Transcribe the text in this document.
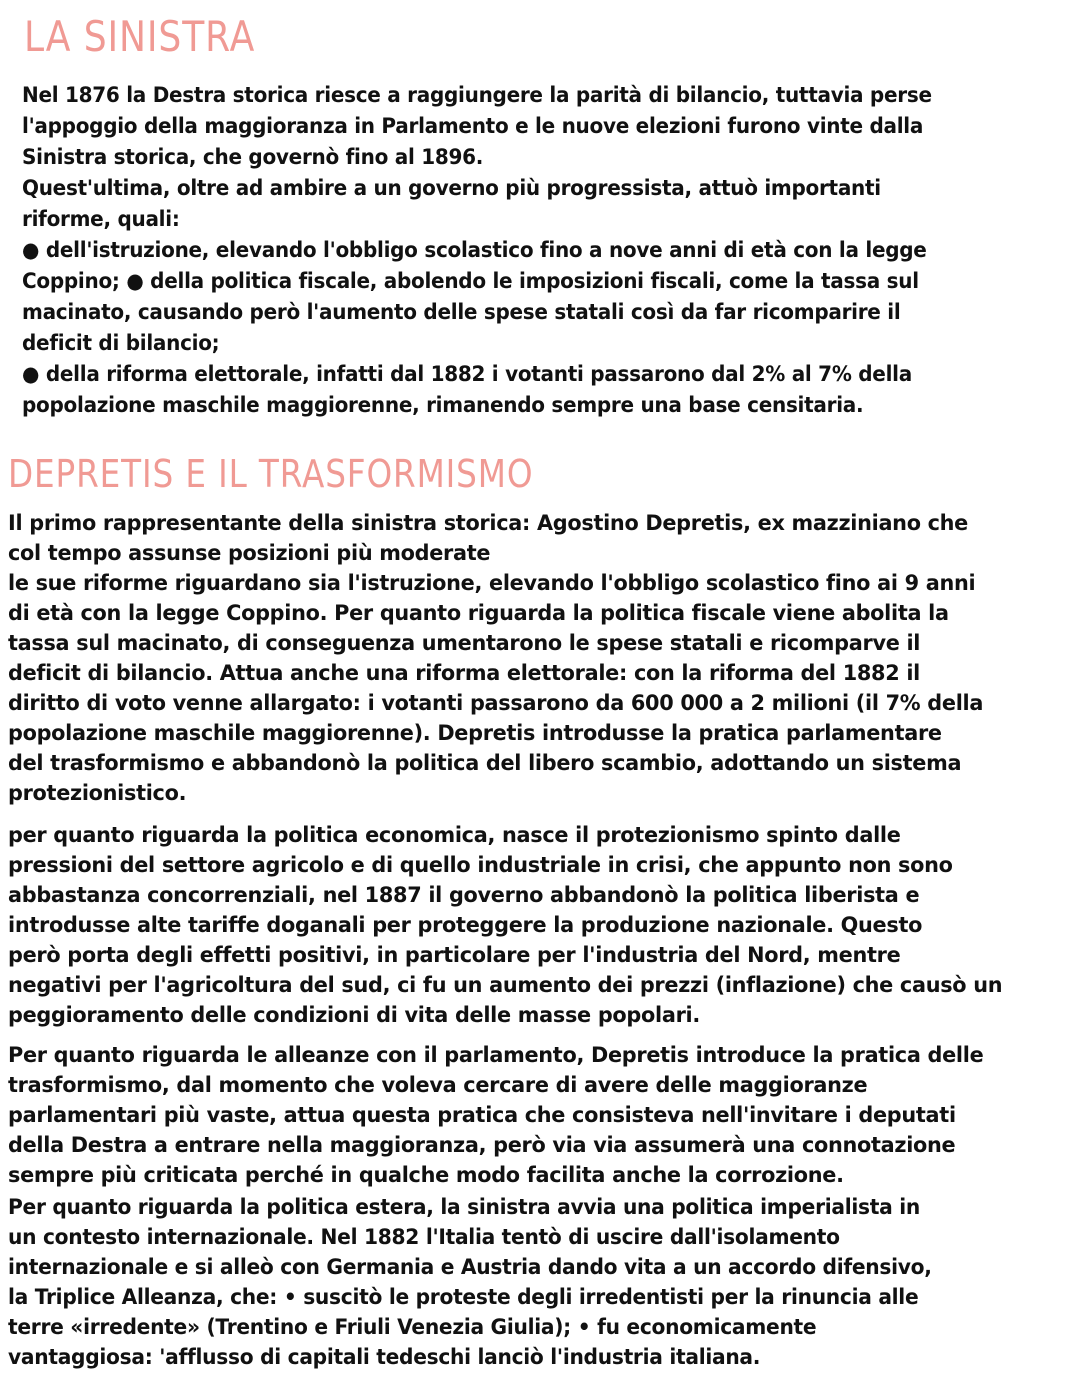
LA SINISTRA
Nel 1876 la Destra storica riesce a raggiungere la parità di bilancio, tuttavia perse
l'appoggio della maggioranza in Parlamento e le nuove elezioni furono vinte dalla
Sinistra storica, che governò fino al 1896.
Quest'ultima, oltre ad ambire a un governo più progressista, attuò importanti
riforme, quali:
● dell'istruzione, elevando l'obbligo scolastico fino a nove anni di età con la legge
Coppino; ● della politica fiscale, abolendo le imposizioni fiscali, come la tassa sul
macinato, causando però l'aumento delle spese statali così da far ricomparire il
deficit di bilancio;
● della riforma elettorale, infatti dal 1882 i votanti passarono dal 2% al 7% della
popolazione maschile maggiorenne, rimanendo sempre una base censitaria.
DEPRETIS E IL TRASFORMISMO
Il primo rappresentante della sinistra storica: Agostino Depretis, ex mazziniano che
col tempo assunse posizioni più moderate
le sue riforme riguardano sia l'istruzione, elevando l'obbligo scolastico fino ai 9 anni
di età con la legge Coppino. Per quanto riguarda la politica fiscale viene abolita la
tassa sul macinato, di conseguenza umentarono le spese statali e ricomparve il
deficit di bilancio. Attua anche una riforma elettorale: con la riforma del 1882 il
diritto di voto venne allargato: i votanti passarono da 600 000 a 2 milioni (il 7% della
popolazione maschile maggiorenne). Depretis introdusse la pratica parlamentare
del trasformismo e abbandonò la politica del libero scambio, adottando un sistema
protezionistico.
per quanto riguarda la politica economica, nasce il protezionismo spinto dalle
pressioni del settore agricolo e di quello industriale in crisi, che appunto non sono
abbastanza concorrenziali, nel 1887 il governo abbandonò la politica liberista e
introdusse alte tariffe doganali per proteggere la produzione nazionale. Questo
però porta degli effetti positivi, in particolare per l'industria del Nord, mentre
negativi per l'agricoltura del sud, ci fu un aumento dei prezzi (inflazione) che causò un
peggioramento delle condizioni di vita delle masse popolari.
Per quanto riguarda le alleanze con il parlamento, Depretis introduce la pratica delle
trasformismo, dal momento che voleva cercare di avere delle maggioranze
parlamentari più vaste, attua questa pratica che consisteva nell'invitare i deputati
della Destra a entrare nella maggioranza, però via via assumerà una connotazione
sempre più criticata perché in qualche modo facilita anche la corrozione.
Per quanto riguarda la politica estera, la sinistra avvia una politica imperialista in
un contesto internazionale. Nel 1882 l'Italia tentò di uscire dall'isolamento
internazionale e si alleò con Germania e Austria dando vita a un accordo difensivo,
la Triplice Alleanza, che: • suscitò le proteste degli irredentisti per la rinuncia alle
terre «irredente» (Trentino e Friuli Venezia Giulia); • fu economicamente
vantaggiosa: 'afflusso di capitali tedeschi lanciò l'industria italiana.
